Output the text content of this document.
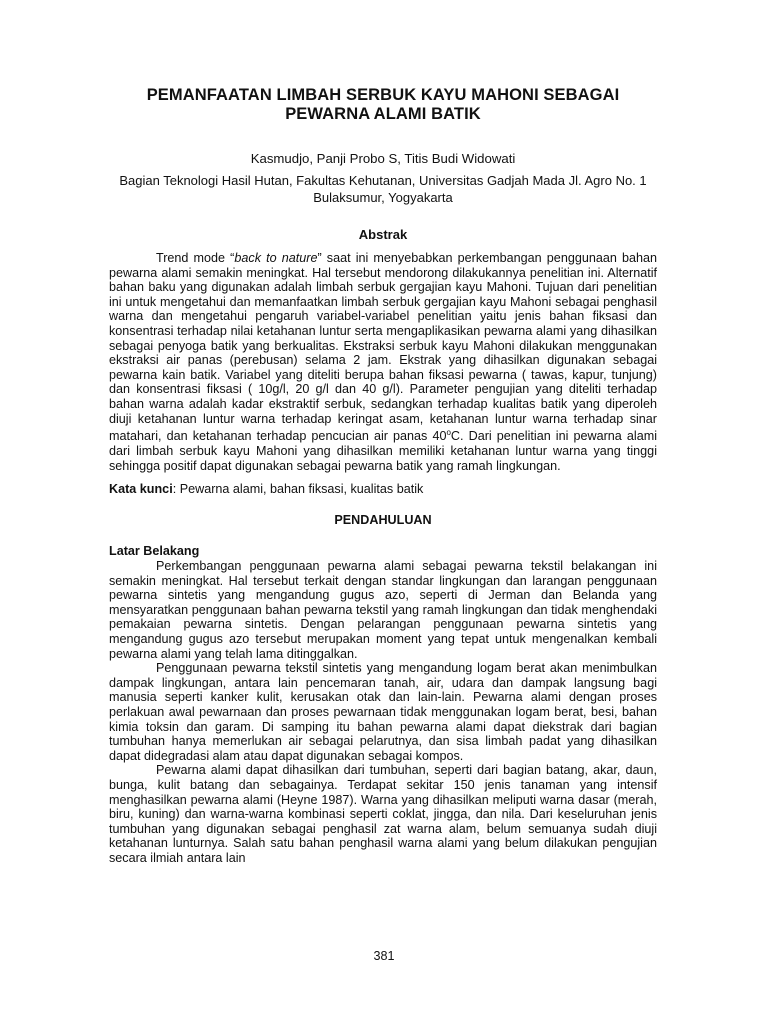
PEMANFAATAN LIMBAH SERBUK KAYU MAHONI SEBAGAI
PEWARNA ALAMI BATIK
Kasmudjo, Panji Probo S, Titis Budi Widowati
Bagian Teknologi Hasil Hutan, Fakultas Kehutanan, Universitas Gadjah Mada Jl. Agro No. 1 Bulaksumur, Yogyakarta
Abstrak

Trend mode “back to nature” saat ini menyebabkan perkembangan penggunaan bahan pewarna alami semakin meningkat. Hal tersebut mendorong dilakukannya penelitian ini. Alternatif bahan baku yang digunakan adalah limbah serbuk gergajian kayu Mahoni. Tujuan dari penelitian ini untuk mengetahui dan memanfaatkan limbah serbuk gergajian kayu Mahoni sebagai penghasil warna dan mengetahui pengaruh variabel-variabel penelitian yaitu jenis bahan fiksasi dan konsentrasi terhadap nilai ketahanan luntur serta mengaplikasikan pewarna alami yang dihasilkan sebagai penyoga batik yang berkualitas. Ekstraksi serbuk kayu Mahoni dilakukan menggunakan ekstraksi air panas (perebusan) selama 2 jam. Ekstrak yang dihasilkan digunakan sebagai pewarna kain batik. Variabel yang diteliti berupa bahan fiksasi pewarna ( tawas, kapur, tunjung) dan konsentrasi fiksasi ( 10g/l, 20 g/l dan 40 g/l). Parameter pengujian yang diteliti terhadap bahan warna adalah kadar ekstraktif serbuk, sedangkan terhadap kualitas batik yang diperoleh diuji ketahanan luntur warna terhadap keringat asam, ketahanan luntur warna terhadap sinar matahari, dan ketahanan terhadap pencucian air panas 40$^o$C. Dari penelitian ini pewarna alami dari limbah serbuk kayu Mahoni yang dihasilkan memiliki ketahanan luntur warna yang tinggi sehingga positif dapat digunakan sebagai pewarna batik yang ramah lingkungan.

Kata kunci: Pewarna alami, bahan fiksasi, kualitas batik
PENDAHULUAN
Latar Belakang

Perkembangan penggunaan pewarna alami sebagai pewarna tekstil belakangan ini semakin meningkat. Hal tersebut terkait dengan standar lingkungan dan larangan penggunaan pewarna sintetis yang mengandung gugus azo, seperti di Jerman dan Belanda yang mensyaratkan penggunaan bahan pewarna tekstil yang ramah lingkungan dan tidak menghendaki pemakaian pewarna sintetis. Dengan pelarangan penggunaan pewarna sintetis yang mengandung gugus azo tersebut merupakan moment yang tepat untuk mengenalkan kembali pewarna alami yang telah lama ditinggalkan.

Penggunaan pewarna tekstil sintetis yang mengandung logam berat akan menimbulkan dampak lingkungan, antara lain pencemaran tanah, air, udara dan dampak langsung bagi manusia seperti kanker kulit, kerusakan otak dan lain-lain. Pewarna alami dengan proses perlakuan awal pewarnaan dan proses pewarnaan tidak menggunakan logam berat, besi, bahan kimia toksin dan garam. Di samping itu bahan pewarna alami dapat diekstrak dari bagian tumbuhan hanya memerlukan air sebagai pelarutnya, dan sisa limbah padat yang dihasilkan dapat didegradasi alam atau dapat digunakan sebagai kompos.

Pewarna alami dapat dihasilkan dari tumbuhan, seperti dari bagian batang, akar, daun, bunga, kulit batang dan sebagainya. Terdapat sekitar 150 jenis tanaman yang intensif menghasilkan pewarna alami (Heyne 1987). Warna yang dihasilkan meliputi warna dasar (merah, biru, kuning) dan warna-warna kombinasi seperti coklat, jingga, dan nila. Dari keseluruhan jenis tumbuhan yang digunakan sebagai penghasil zat warna alam, belum semuanya sudah diuji ketahanan lunturnya. Salah satu bahan penghasil warna alami yang belum dilakukan pengujian secara ilmiah antara lain

381
